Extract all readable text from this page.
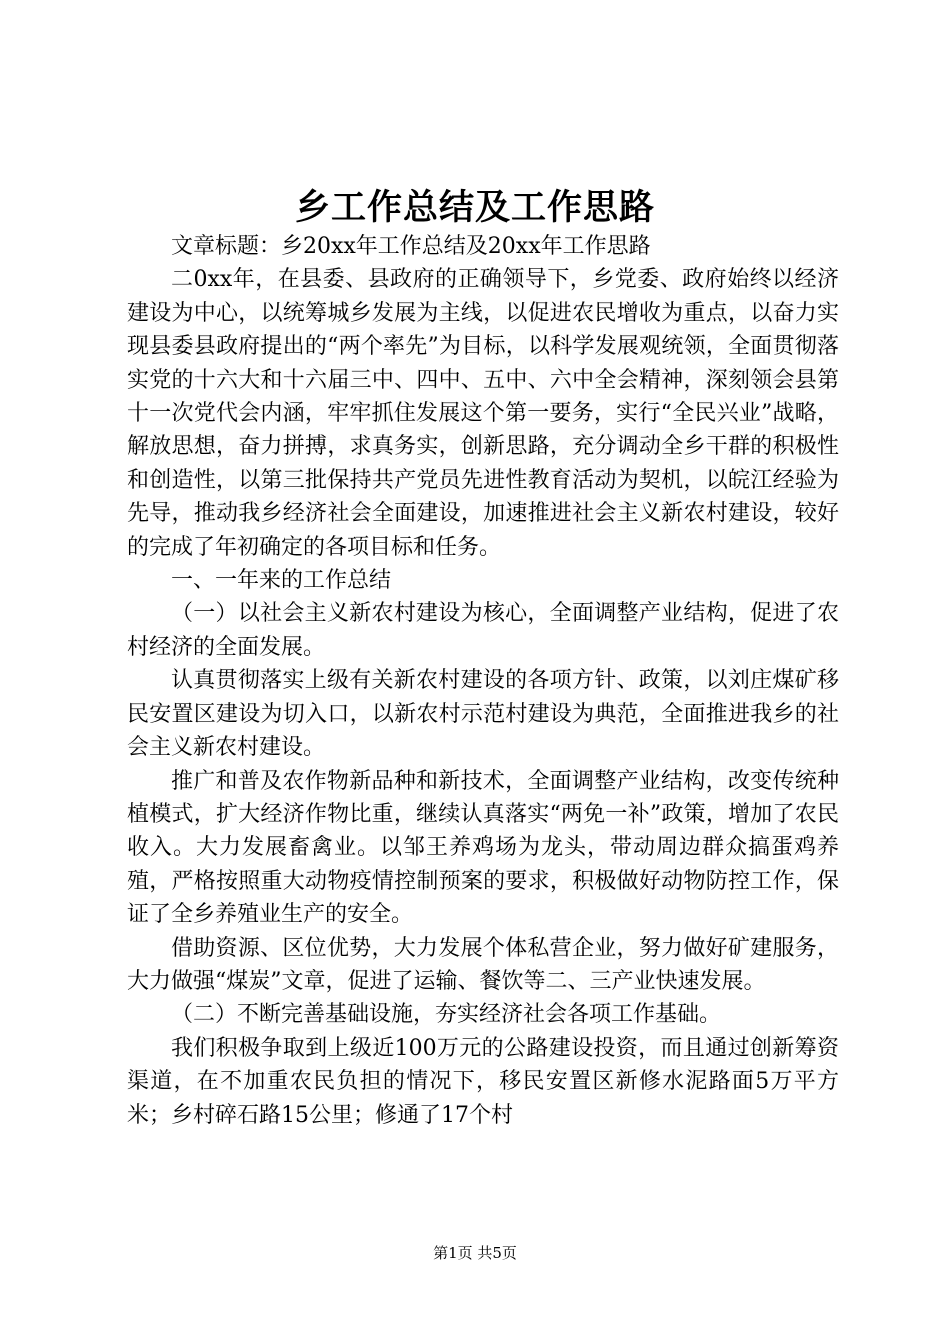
乡工作总结及工作思路

文章标题：乡20xx年工作总结及20xx年工作思路

二0xx年，在县委、县政府的正确领导下，乡党委、政府始终以经济建设为中心，以统筹城乡发展为主线，以促进农民增收为重点，以奋力实现县委县政府提出的“两个率先”为目标，以科学发展观统领，全面贯彻落实党的十六大和十六届三中、四中、五中、六中全会精神，深刻领会县第十一次党代会内涵，牢牢抓住发展这个第一要务，实行“全民兴业”战略，解放思想，奋力拼搏，求真务实，创新思路，充分调动全乡干群的积极性和创造性，以第三批保持共产党员先进性教育活动为契机，以皖江经验为先导，推动我乡经济社会全面建设，加速推进社会主义新农村建设，较好的完成了年初确定的各项目标和任务。

一、一年来的工作总结

（一）以社会主义新农村建设为核心，全面调整产业结构，促进了农村经济的全面发展。

认真贯彻落实上级有关新农村建设的各项方针、政策，以刘庄煤矿移民安置区建设为切入口，以新农村示范村建设为典范，全面推进我乡的社会主义新农村建设。

推广和普及农作物新品种和新技术，全面调整产业结构，改变传统种植模式，扩大经济作物比重，继续认真落实“两免一补”政策，增加了农民收入。大力发展畜禽业。以邹王养鸡场为龙头，带动周边群众搞蛋鸡养殖，严格按照重大动物疫情控制预案的要求，积极做好动物防控工作，保证了全乡养殖业生产的安全。

借助资源、区位优势，大力发展个体私营企业，努力做好矿建服务，大力做强“煤炭”文章，促进了运输、餐饮等二、三产业快速发展。

（二）不断完善基础设施，夯实经济社会各项工作基础。

我们积极争取到上级近100万元的公路建设投资，而且通过创新筹资渠道，在不加重农民负担的情况下，移民安置区新修水泥路面5万平方米；乡村碎石路15公里；修通了17个村

第1页 共5页
